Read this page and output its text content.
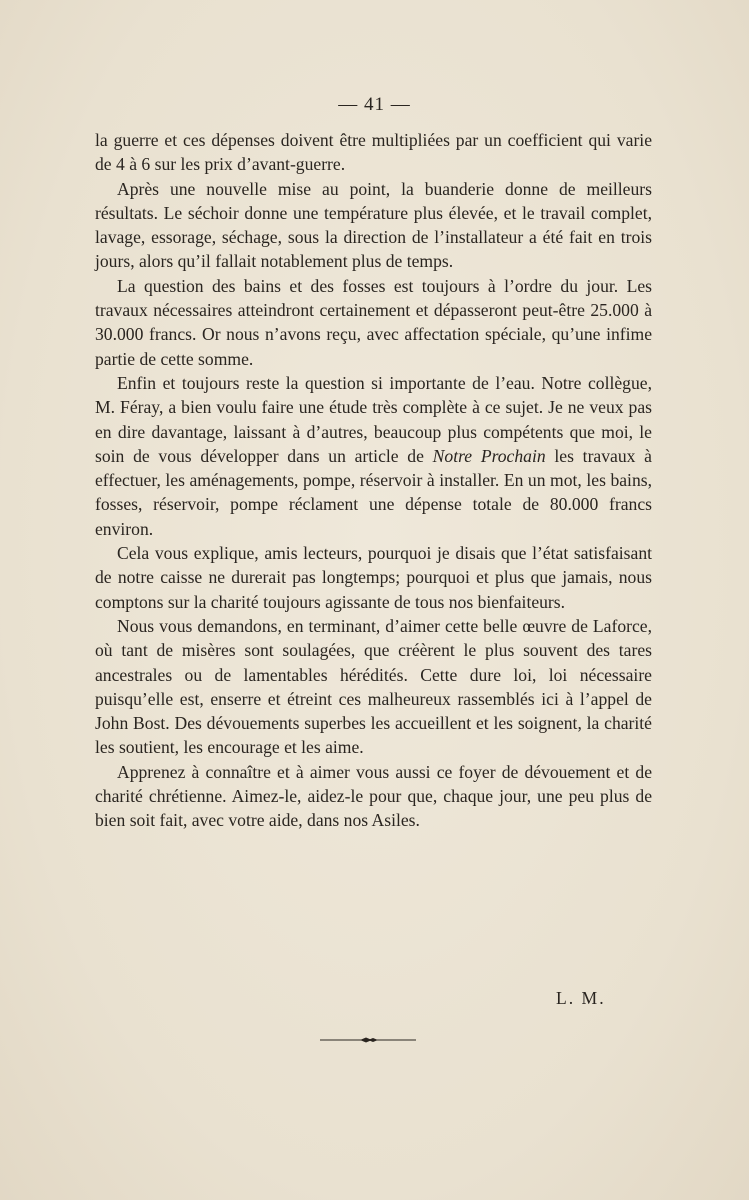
— 41 —

la guerre et ces dépenses doivent être multipliées par un coefficient qui varie de 4 à 6 sur les prix d’avant-guerre.

Après une nouvelle mise au point, la buanderie donne de meilleurs résultats. Le séchoir donne une température plus élevée, et le travail complet, lavage, essorage, séchage, sous la direction de l’installateur a été fait en trois jours, alors qu’il fallait notablement plus de temps.

La question des bains et des fosses est toujours à l’ordre du jour. Les travaux nécessaires atteindront certainement et dépasseront peut-être 25.000 à 30.000 francs. Or nous n’avons reçu, avec affectation spéciale, qu’une infime partie de cette somme.

Enfin et toujours reste la question si importante de l’eau. Notre collègue, M. Féray, a bien voulu faire une étude très complète à ce sujet. Je ne veux pas en dire davantage, laissant à d’autres, beaucoup plus compétents que moi, le soin de vous développer dans un article de Notre Prochain les travaux à effectuer, les aménagements, pompe, réservoir à installer. En un mot, les bains, fosses, réservoir, pompe réclament une dépense totale de 80.000 francs environ.

Cela vous explique, amis lecteurs, pourquoi je disais que l’état satisfaisant de notre caisse ne durerait pas longtemps; pourquoi et plus que jamais, nous comptons sur la charité toujours agissante de tous nos bienfaiteurs.

Nous vous demandons, en terminant, d’aimer cette belle œuvre de Laforce, où tant de misères sont soulagées, que créèrent le plus souvent des tares ancestrales ou de lamentables hérédités. Cette dure loi, loi nécessaire puisqu’elle est, enserre et étreint ces malheureux rassemblés ici à l’appel de John Bost. Des dévouements superbes les accueillent et les soignent, la charité les soutient, les encourage et les aime.

Apprenez à connaître et à aimer vous aussi ce foyer de dévouement et de charité chrétienne. Aimez-le, aidez-le pour que, chaque jour, une peu plus de bien soit fait, avec votre aide, dans nos Asiles.

L. M.
